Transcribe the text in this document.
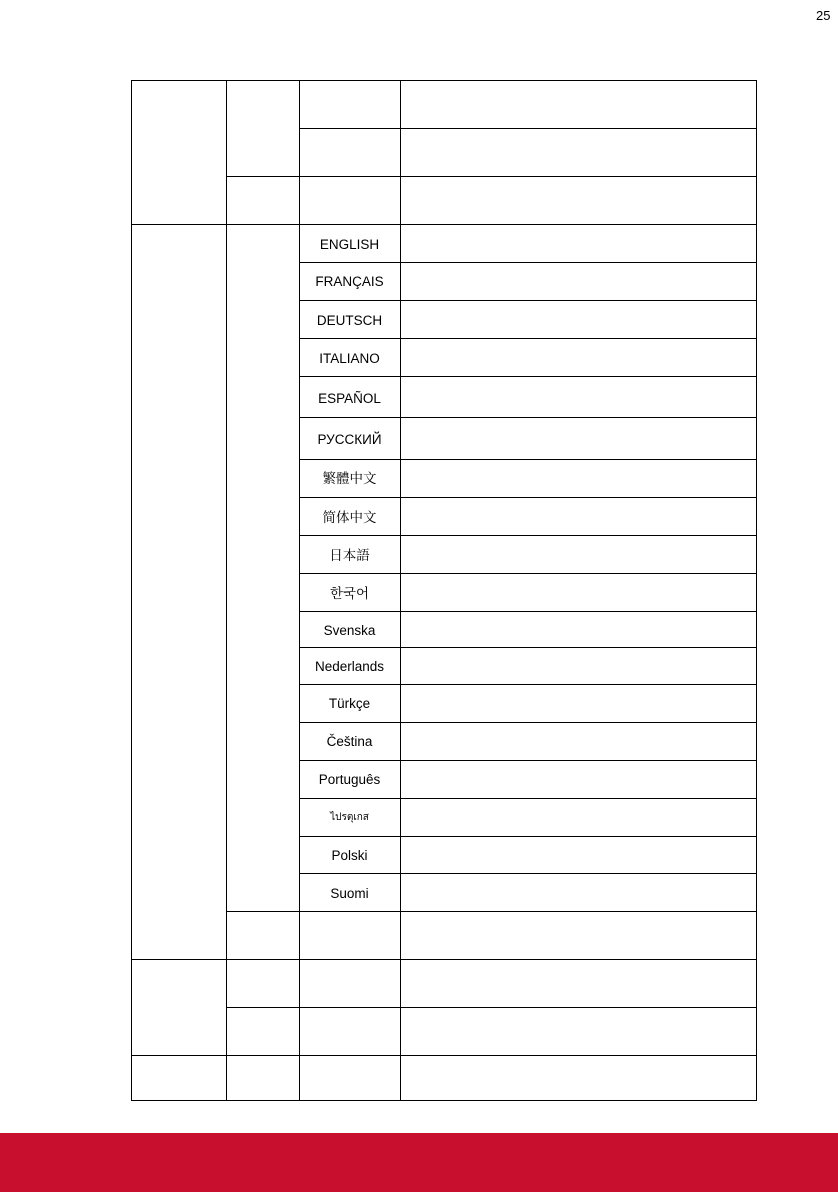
25
ENGLISH
FRANÇAIS
DEUTSCH
ITALIANO
ESPAÑOL
РУССКИЙ
繁體中文
简体中文
日本語
한국어
Svenska
Nederlands
Türkçe
Čeština
Português
ไปรตุเกส
Polski
Suomi
